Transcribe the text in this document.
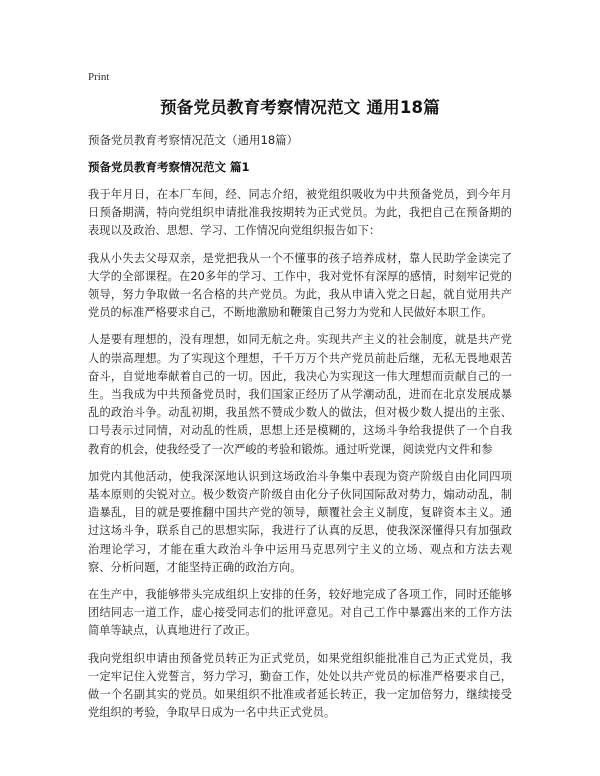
Print
预备党员教育考察情况范文 通用18篇
预备党员教育考察情况范文（通用18篇）
预备党员教育考察情况范文 篇1

我于年月日，在本厂车间，经、同志介绍，被党组织吸收为中共预备党员，到今年月日预备期满，特向党组织申请批准我按期转为正式党员。为此，我把自己在预备期的表现以及政治、思想、学习、工作情况向党组织报告如下：

我从小失去父母双亲，是党把我从一个不懂事的孩子培养成材，靠人民助学金读完了大学的全部课程。在20多年的学习、工作中，我对党怀有深厚的感情，时刻牢记党的领导，努力争取做一名合格的共产党员。为此，我从申请入党之日起，就自觉用共产党员的标准严格要求自己，不断地激励和鞭策自己努力为党和人民做好本职工作。

人是要有理想的，没有理想，如同无航之舟。实现共产主义的社会制度，就是共产党人的崇高理想。为了实现这个理想，千千万万个共产党员前赴后继，无私无畏地艰苦奋斗，自觉地奉献着自己的一切。因此，我决心为实现这一伟大理想而贡献自己的一生。当我成为中共预备党员时，我们国家正经历了从学潮动乱，进而在北京发展成暴乱的政治斗争。动乱初期，我虽然不赞成少数人的做法，但对极少数人提出的主张、口号表示过同情，对动乱的性质，思想上还是模糊的，这场斗争给我提供了一个自我教育的机会，使我经受了一次严峻的考验和锻炼。通过听党课，阅读党内文件和参

加党内其他活动，使我深深地认识到这场政治斗争集中表现为资产阶级自由化同四项基本原则的尖锐对立。极少数资产阶级自由化分子伙同国际敌对势力，煽动动乱，制造暴乱，目的就是要推翻中国共产党的领导，颠覆社会主义制度，复辟资本主义。通过这场斗争，联系自己的思想实际，我进行了认真的反思，使我深深懂得只有加强政治理论学习，才能在重大政治斗争中运用马克思列宁主义的立场、观点和方法去观察、分析问题，才能坚持正确的政治方向。

在生产中，我能够带头完成组织上安排的任务，较好地完成了各项工作，同时还能够团结同志一道工作，虚心接受同志们的批评意见。对自己工作中暴露出来的工作方法简单等缺点，认真地进行了改正。

我向党组织申请由预备党员转正为正式党员，如果党组织能批准自己为正式党员，我一定牢记住入党誓言，努力学习，勤奋工作，处处以共产党员的标准严格要求自己，做一个名副其实的党员。如果组织不批准或者延长转正，我一定加倍努力，继续接受党组织的考验，争取早日成为一名中共正式党员。
